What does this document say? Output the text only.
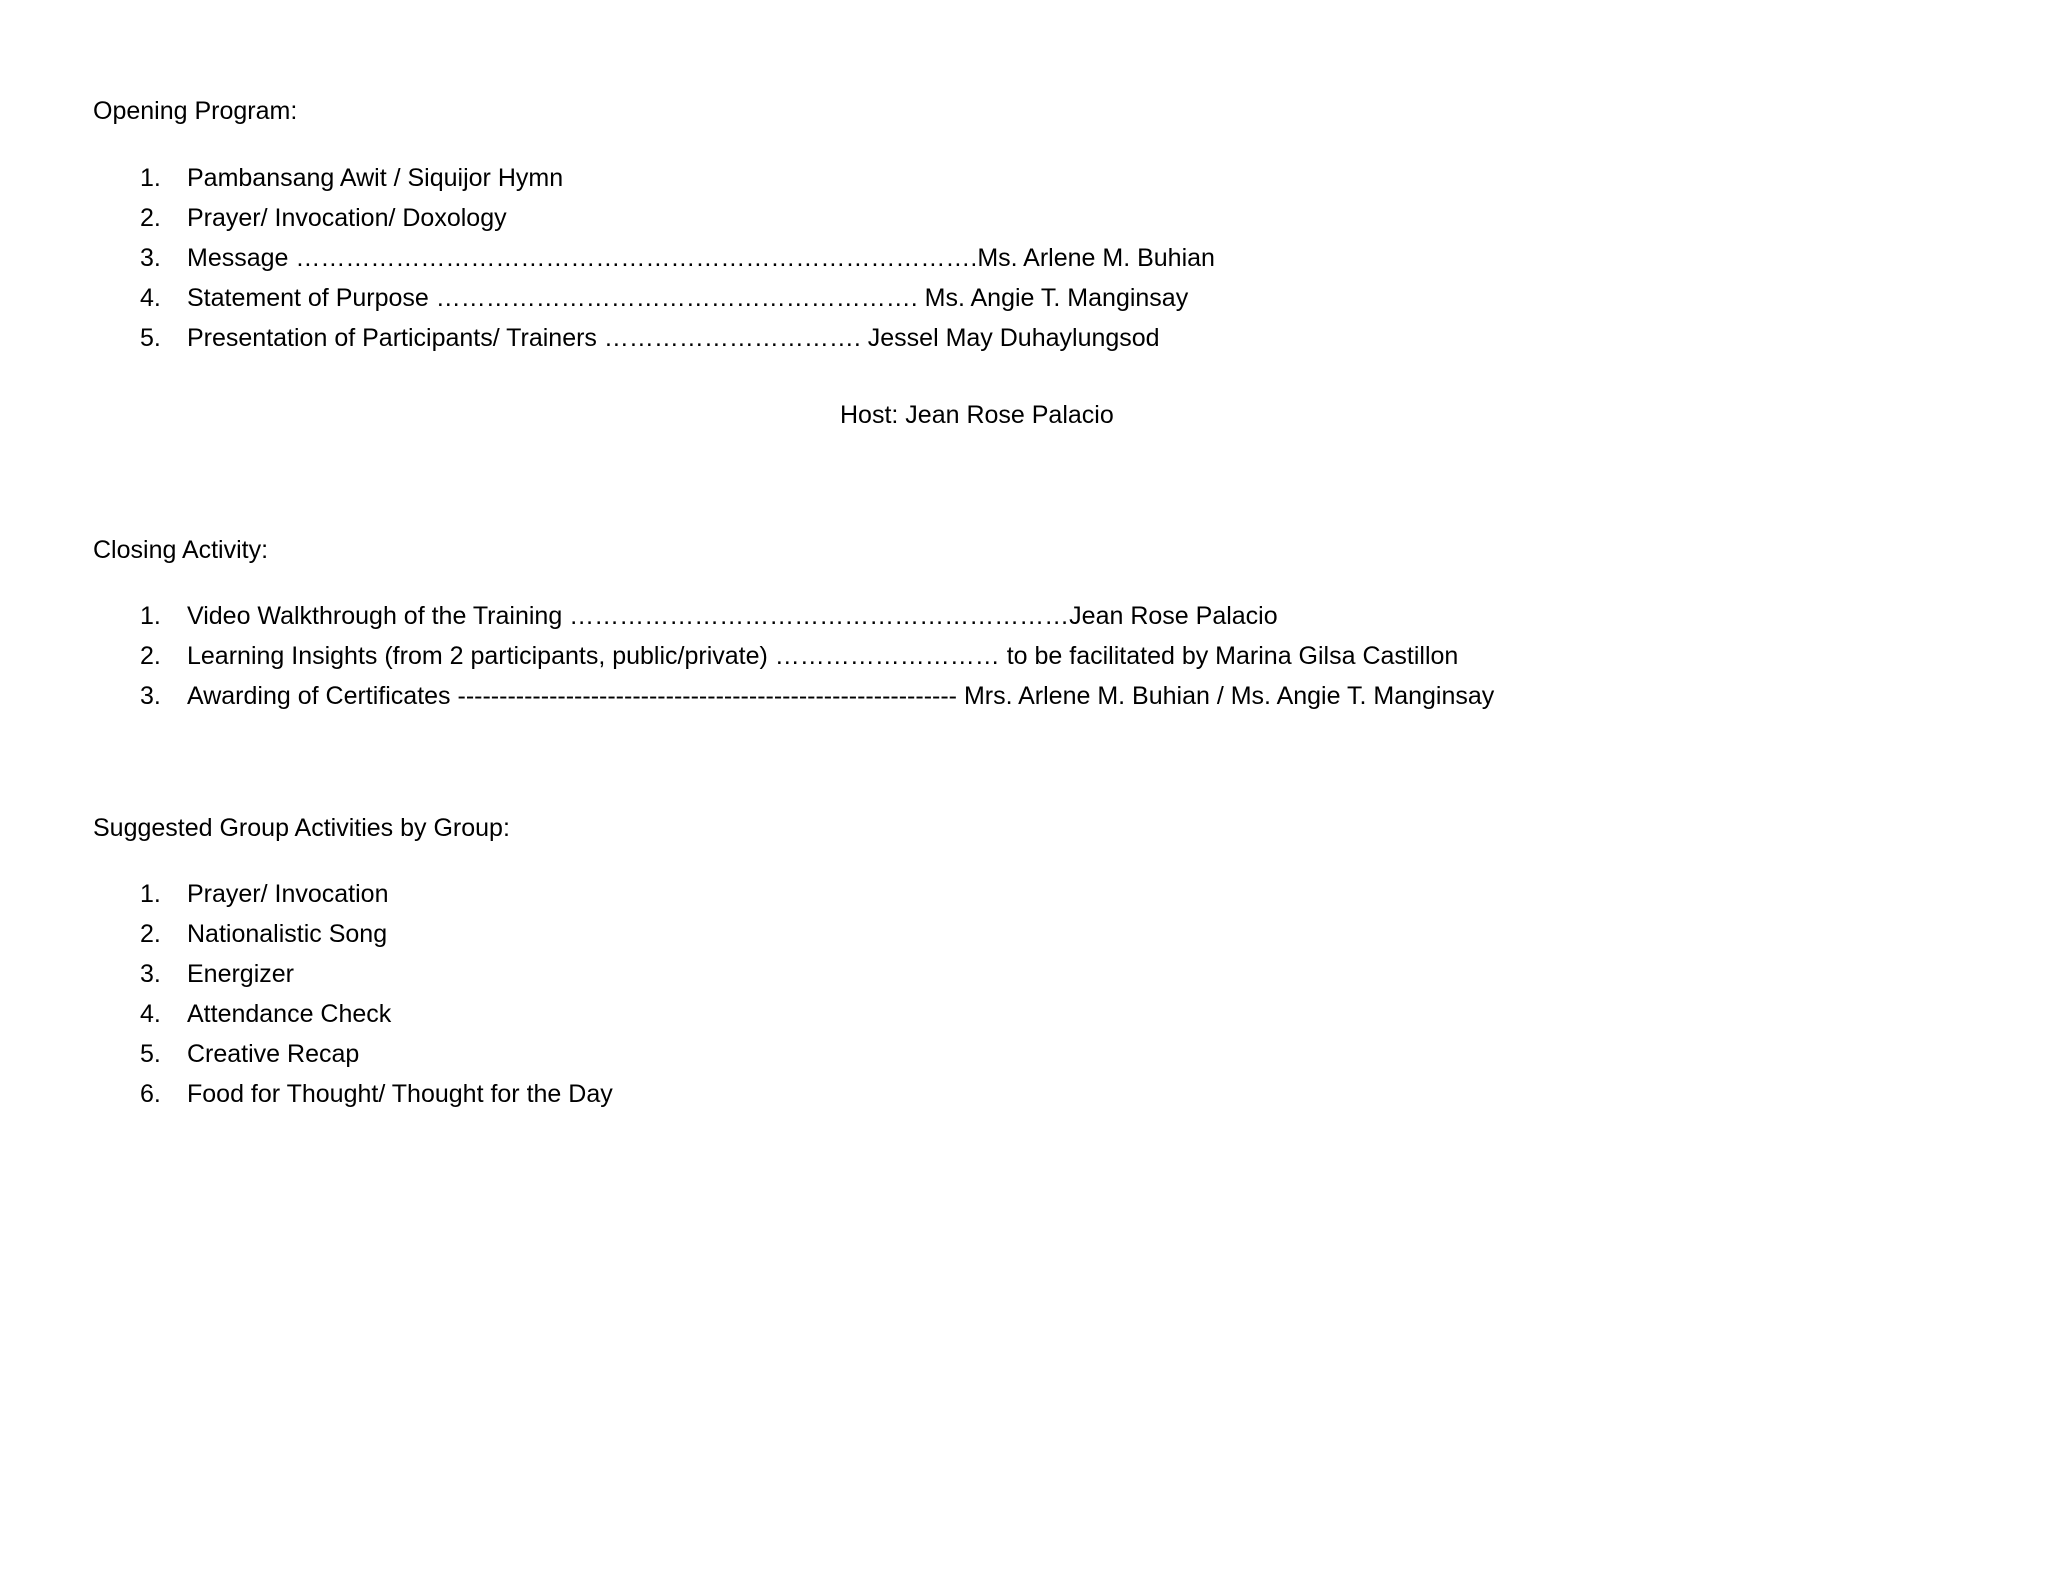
Opening Program:
1. Pambansang Awit / Siquijor Hymn
2. Prayer/ Invocation/ Doxology
3. Message ……………………………………………………………………….Ms. Arlene M. Buhian
4. Statement of Purpose …………………………………………………. Ms. Angie T. Manginsay
5. Presentation of Participants/ Trainers …………………………. Jessel May Duhaylungsod
Host: Jean Rose Palacio
Closing Activity:
1. Video Walkthrough of the Training ……………………………………………………Jean Rose Palacio
2. Learning Insights (from 2 participants, public/private) ……………………… to be facilitated by Marina Gilsa Castillon
3. Awarding of Certificates ------------------------------------------------------------ Mrs. Arlene M. Buhian / Ms. Angie T. Manginsay
Suggested Group Activities by Group:
1. Prayer/ Invocation
2. Nationalistic Song
3. Energizer
4. Attendance Check
5. Creative Recap
6. Food for Thought/ Thought for the Day
